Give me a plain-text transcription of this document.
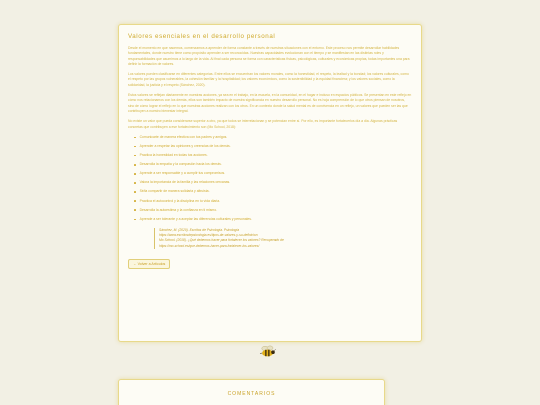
Valores esenciales en el desarrollo personal

Desde el momento en que nacemos, comenzamos a aprender de forma constante a través de nuestras situaciones con el entorno. Este proceso nos permite desarrollar habilidades fundamentales, donde nuestro tiene como propósito aprender a ser reconocidas. Nuestras capacidades evolucionan con el tiempo y se manifiestan en las distintas roles y responsabilidades que asumimos a lo largo de la vida. Al final cada persona se forma con características físicas, psicológicas, culturales y económicas propias, todas importantes una para definir la formación de valores.

Los valores pueden clasificarse en diferentes categorías. Entre ellos se encuentran los valores morales, como la honestidad, el respeto, la lealtad y la bondad; los valores culturales, como el respeto por las grupos vulnerables, la cohesión familiar y la hospitalidad; los valores económicos, como la sostenibilidad y la equidad financiera; y los valores sociales, como la solidaridad, la justicia y el respeto (Sánchez, 2020).

Estos valores se reflejan diariamente en nuestras acciones, ya sea en el trabajo, en la escuela, en la comunidad, en el hogar e incluso en espacios públicos. Se presentan en este reflejo en cómo nos relacionamos con los demás, ellos son también impacto de nuestra significancia en nuestro desarrollo personal. No es hoja comprensión de lo que otros piensan de nosotros, sino de cómo lograr el reflejo en lo que nuestras acciones realizan con los otros. En un contexto donde la salud mental es de convivencia en un reflejo, un valores que pueden ser las que contribuyen a nuestro bienestar integral.

No existe un valor que pueda considerarse superior a otro, ya que todos se interrelacionan y se potencian entre sí. Por ello, es importante fortalecerlos día a día. Algunas prácticas concretas que contribuyen a ese fortalecimiento son (Mo School, 2018):

Comunicarte de manera efectiva con tus padres y amigos.
Aprender a respetar las opiniones y creencias de los demás.
Practica la honestidad en todas tus acciones.
Desarrolla la empatía y la compasión hacia los demás.
Aprende a ser responsable y a cumplir tus compromisos.
Valora la importancia de la familia y las relaciones cercanas.
Sé/la compartir de manera solidaria y altruista.
Practica el autocontrol y la disciplina en tu vida diaria.
Desarrolla la autoestima y la confianza en ti mismo.
Aprende a ser tolerante y a aceptar las diferencias culturales y personales.
Sánchez, M. (2020). Escritos de Psicología. Psicología
https://www.escritosdepsicologia.es/tipos-de-valores-y-su-definicion
Mo School. (2018). ¿Qué debemos hacer para fortalecer los valores? Recuperado de
https://mo-school.es/que-debemos-hacer-para-fortalecer-los-valores/
← Volver a Artículos
COMENTARIOS
